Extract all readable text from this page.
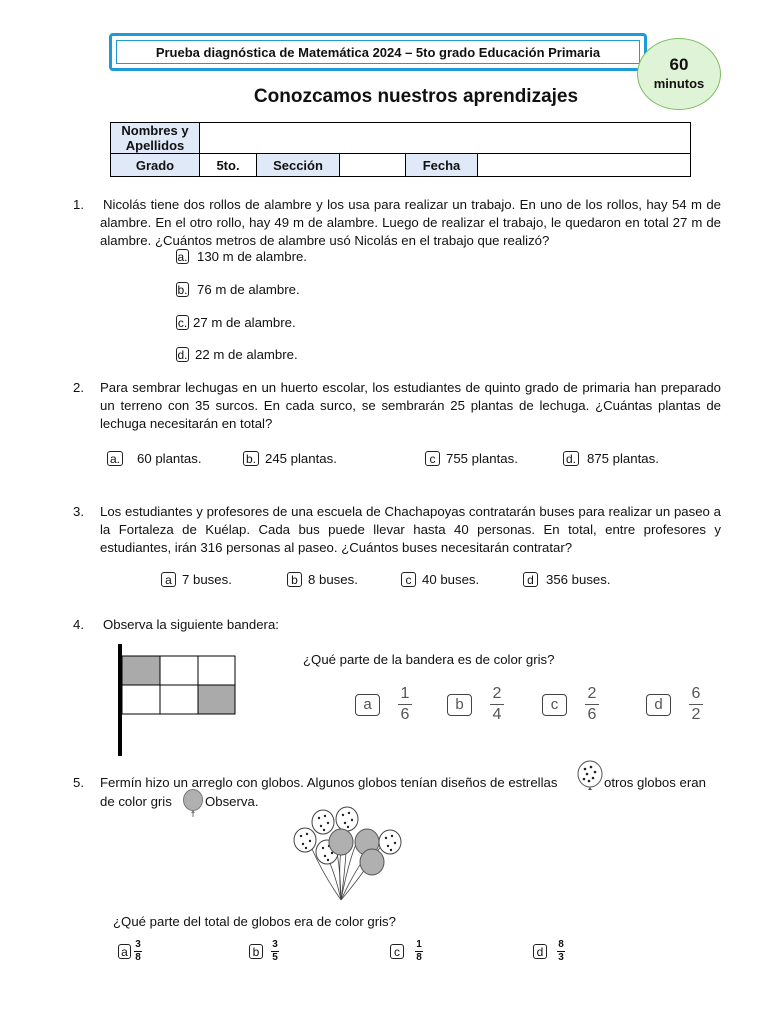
Prueba diagnóstica de Matemática 2024 – 5to grado Educación Primaria
60
minutos
Conozcamos nuestros aprendizajes
Nombres y Apellidos					
Grado	5to.	Sección		Fecha	
1. Nicolás tiene dos rollos de alambre y los usa para realizar un trabajo. En uno de los rollos, hay 54 m de alambre. En el otro rollo, hay 49 m de alambre. Luego de realizar el trabajo, le quedaron en total 27 m de alambre. ¿Cuántos metros de alambre usó Nicolás en el trabajo que realizó?
a. 130 m de alambre.
b. 76 m de alambre.
c. 27 m de alambre.
d. 22 m de alambre.
2. Para sembrar lechugas en un huerto escolar, los estudiantes de quinto grado de primaria han preparado un terreno con 35 surcos. En cada surco, se sembrarán 25 plantas de lechuga. ¿Cuántas plantas de lechuga necesitarán en total?
a. 60 plantas.	b. 245 plantas.	c 755 plantas.	d. 875 plantas.
3. Los estudiantes y profesores de una escuela de Chachapoyas contratarán buses para realizar un paseo a la Fortaleza de Kuélap. Cada bus puede llevar hasta 40 personas. En total, entre profesores y estudiantes, irán 316 personas al paseo. ¿Cuántos buses necesitarán contratar?
a 7 buses.	b 8 buses.	c 40 buses.	d 356 buses.
4. Observa la siguiente bandera:
¿Qué parte de la bandera es de color gris?
a	$\frac{1}{6}$	b	$\frac{2}{4}$	c	$\frac{2}{6}$	d	$\frac{6}{2}$
5. Fermín hizo un arreglo con globos. Algunos globos tenían diseños de estrellas	otros globos eran
de color gris	Observa.
¿Qué parte del total de globos era de color gris?
a 3
8	b	3
5	c	1
8	d	8
3
